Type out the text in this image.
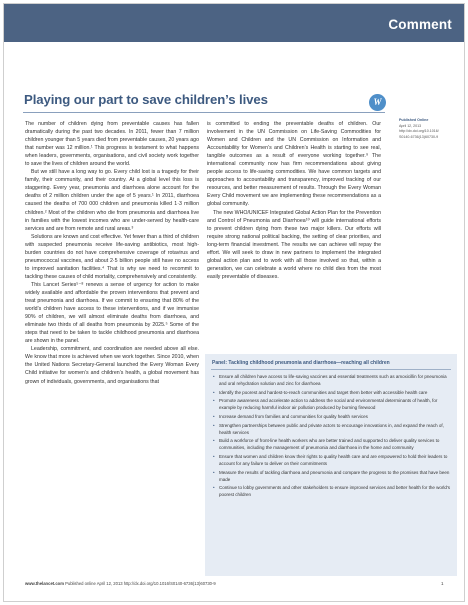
Comment
Playing our part to save children’s lives	W
Published Online
April 12, 2013
http://dx.doi.org/10.1016/
S0140-6736(13)60730-9

The number of children dying from preventable causes has fallen dramatically during the past two decades. In 2011, fewer than 7 million children younger than 5 years died from preventable causes, 20 years ago that number was 12 million.¹ This progress is testament to what happens when leaders, governments, organisations, and civil society work together to save the lives of children around the world.

But we still have a long way to go. Every child lost is a tragedy for their family, their community, and their country. At a global level this loss is staggering. Every year, pneumonia and diarrhoea alone account for the deaths of 2 million children under the age of 5 years.¹ In 2011, diarrhoea caused the deaths of 700 000 children and pneumonia killed 1·3 million children.² Most of the children who die from pneumonia and diarrhoea live in families with the lowest incomes who are under-served by health-care services and are from remote and rural areas.³

Solutions are known and cost effective. Yet fewer than a third of children with suspected pneumonia receive life-saving antibiotics, most high-burden countries do not have comprehensive coverage of rotavirus and pneumococcal vaccines, and about 2·5 billion people still have no access to improved sanitation facilities.⁴ That is why we need to recommit to tackling these causes of child mortality, comprehensively and consistently.

This Lancet Series⁵⁻⁸ renews a sense of urgency for action to make widely available and affordable the proven interventions that prevent and treat pneumonia and diarrhoea. If we commit to ensuring that 80% of the world’s children have access to these interventions, and if we immunise 90% of children, we will almost eliminate deaths from diarrhoea, and eliminate two thirds of all deaths from pneumonia by 2025.⁵ Some of the steps that need to be taken to tackle childhood pneumonia and diarrhoea are shown in the panel.

Leadership, commitment, and coordination are needed above all else. We know that more is achieved when we work together. Since 2010, when the United Nations Secretary-General launched the Every Woman Every Child initiative for women’s and children’s health, a global movement has grown of individuals, governments, and organisations that

is committed to ending the preventable deaths of children. Our involvement in the UN Commission on Life-Saving Commodities for Women and Children and the UN Commission on Information and Accountability for Women’s and Children’s Health is starting to see real, tangible outcomes as a result of everyone working together.⁹ The international community now has firm recommendations about giving people access to life-saving commodities. We have common targets and approaches to accountability and transparency, improved tracking of our resources, and better measurement of results. Through the Every Woman Every Child movement we are implementing these recommendations as a global community.

The new WHO/UNICEF Integrated Global Action Plan for the Prevention and Control of Pneumonia and Diarrhoea¹⁰ will guide international efforts to prevent children dying from these two major killers. Our efforts will require strong national political backing, the setting of clear priorities, and long-term financial investment. The results we can achieve will repay the effort. We will seek to draw in new partners to implement the integrated global action plan and to work with all those involved so that, within a generation, we can celebrate a world where no child dies from the most easily preventable of diseases.

Panel: Tackling childhood pneumonia and diarrhoea—reaching all children
• Ensure all children have access to life-saving vaccines and essential treatments such as amoxicillin for pneumonia and oral rehydration solution and zinc for diarrhoea
• Identify the poorest and hardest-to-reach communities and target them better with accessible health care
• Promote awareness and accelerate action to address the social and environmental determinants of health, for example by reducing harmful indoor air pollution produced by burning firewood
• Increase demand from families and communities for quality health services
• Strengthen partnerships between public and private actors to encourage innovations in, and expand the reach of, health services
• Build a workforce of front-line health workers who are better trained and supported to deliver quality services to communities, including the management of pneumonia and diarrhoea in the home and community
• Ensure that women and children know their rights to quality health care and are empowered to hold their leaders to account for any failure to deliver on their commitments
• Measure the results of tackling diarrhoea and pneumonia and compare the progress to the promises that have been made
• Continue to lobby governments and other stakeholders to ensure improved services and better health for the world’s poorest children
www.thelancet.com Published online April 12, 2013 http://dx.doi.org/10.1016/S0140-6736(13)60730-9	1
